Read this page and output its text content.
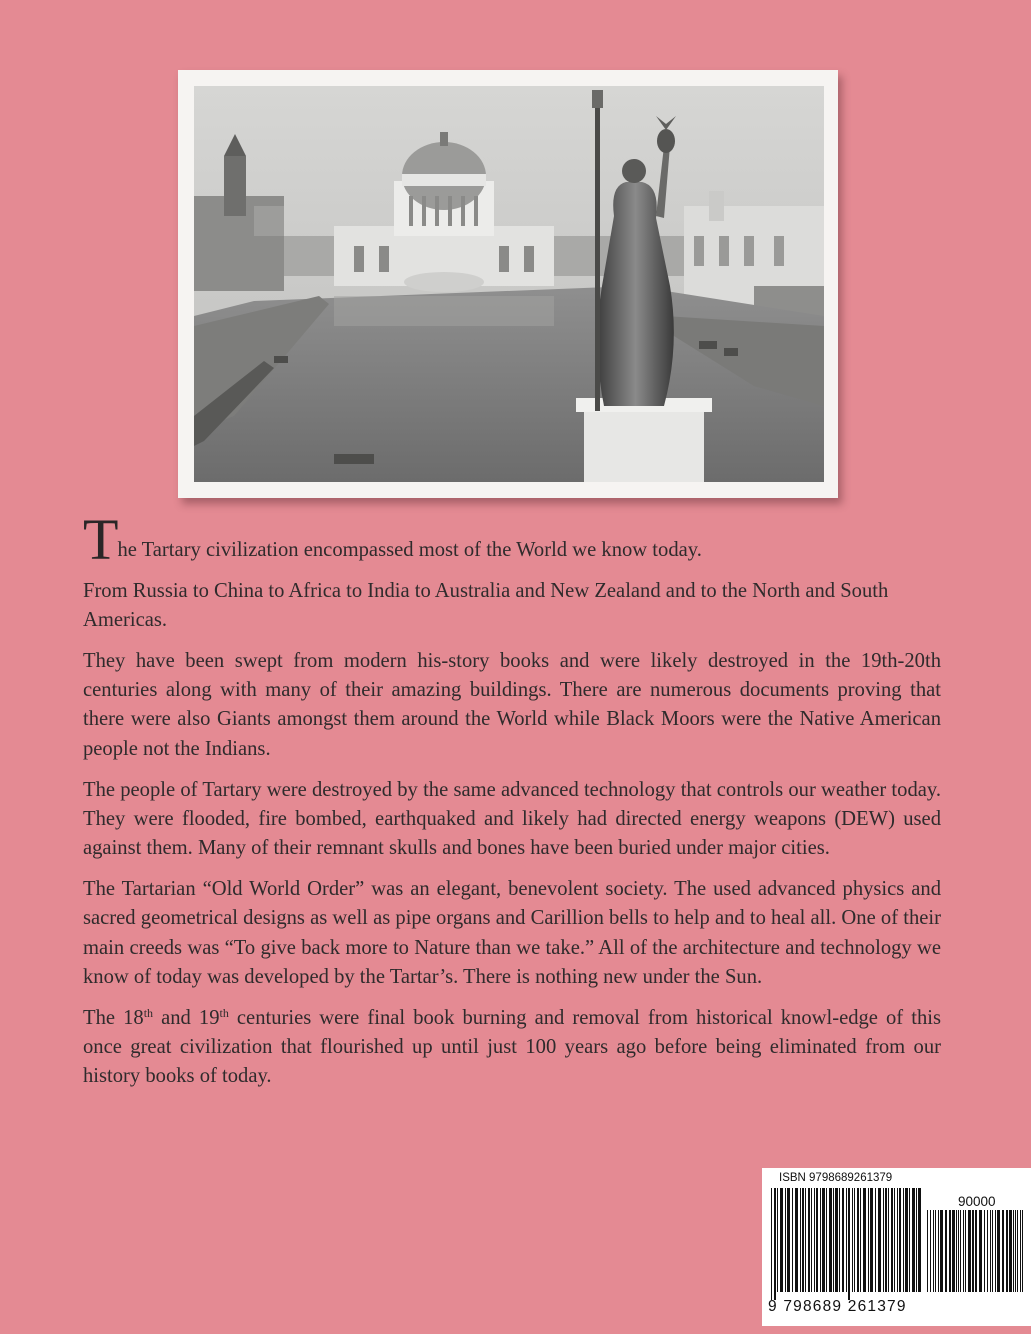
The Tartary civilization encompassed most of the World we know today.

From Russia to China to Africa to India to Australia and New Zealand and to the North and South Americas.

They have been swept from modern his-story books and were likely destroyed in the 19th-20th centuries along with many of their amazing buildings. There are numerous documents proving that there were also Giants amongst them around the World while Black Moors were the Native American people not the Indians.

The people of Tartary were destroyed by the same advanced technology that controls our weather today. They were flooded, fire bombed, earthquaked and likely had directed energy weapons (DEW) used against them. Many of their remnant skulls and bones have been buried under major cities.

The Tartarian “Old World Order” was an elegant, benevolent society. The used advanced physics and sacred geometrical designs as well as pipe organs and Carillion bells to help and to heal all. One of their main creeds was “To give back more to Nature than we take.” All of the architecture and technology we know of today was developed by the Tartar’s. There is nothing new under the Sun.

The 18th and 19th centuries were final book burning and removal from historical knowl-edge of this once great civilization that flourished up until just 100 years ago before being eliminated from our history books of today.

ISBN 9798689261379
90000
9 798689 261379
